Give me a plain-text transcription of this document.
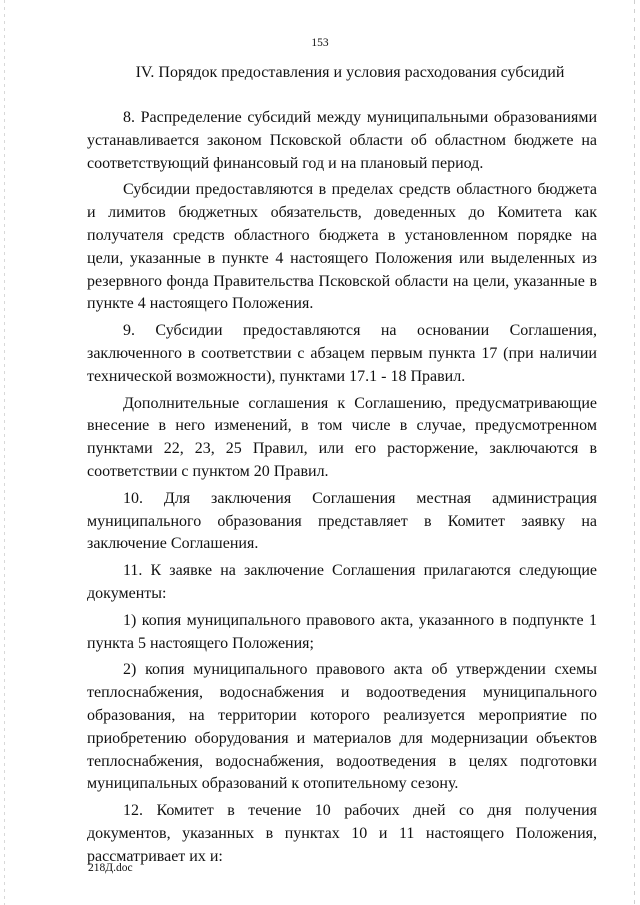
153
IV. Порядок предоставления и условия расходования субсидий

8. Распределение субсидий между муниципальными образованиями устанавливается законом Псковской области об областном бюджете на соответствующий финансовый год и на плановый период.

Субсидии предоставляются в пределах средств областного бюджета и лимитов бюджетных обязательств, доведенных до Комитета как получателя средств областного бюджета в установленном порядке на цели, указанные в пункте 4 настоящего Положения или выделенных из резервного фонда Правительства Псковской области на цели, указанные в пункте 4 настоящего Положения.

9. Субсидии предоставляются на основании Соглашения, заключенного в соответствии с абзацем первым пункта 17 (при наличии технической возможности), пунктами 17.1 - 18 Правил.

Дополнительные соглашения к Соглашению, предусматривающие внесение в него изменений, в том числе в случае, предусмотренном пунктами 22, 23, 25 Правил, или его расторжение, заключаются в соответствии с пунктом 20 Правил.

10. Для заключения Соглашения местная администрация муниципального образования представляет в Комитет заявку на заключение Соглашения.

11. К заявке на заключение Соглашения прилагаются следующие документы:

1) копия муниципального правового акта, указанного в подпункте 1 пункта 5 настоящего Положения;

2) копия муниципального правового акта об утверждении схемы теплоснабжения, водоснабжения и водоотведения муниципального образования, на территории которого реализуется мероприятие по приобретению оборудования и материалов для модернизации объектов теплоснабжения, водоснабжения, водоотведения в целях подготовки муниципальных образований к отопительному сезону.

12. Комитет в течение 10 рабочих дней со дня получения документов, указанных в пунктах 10 и 11 настоящего Положения, рассматривает их и:

218Д.doc
